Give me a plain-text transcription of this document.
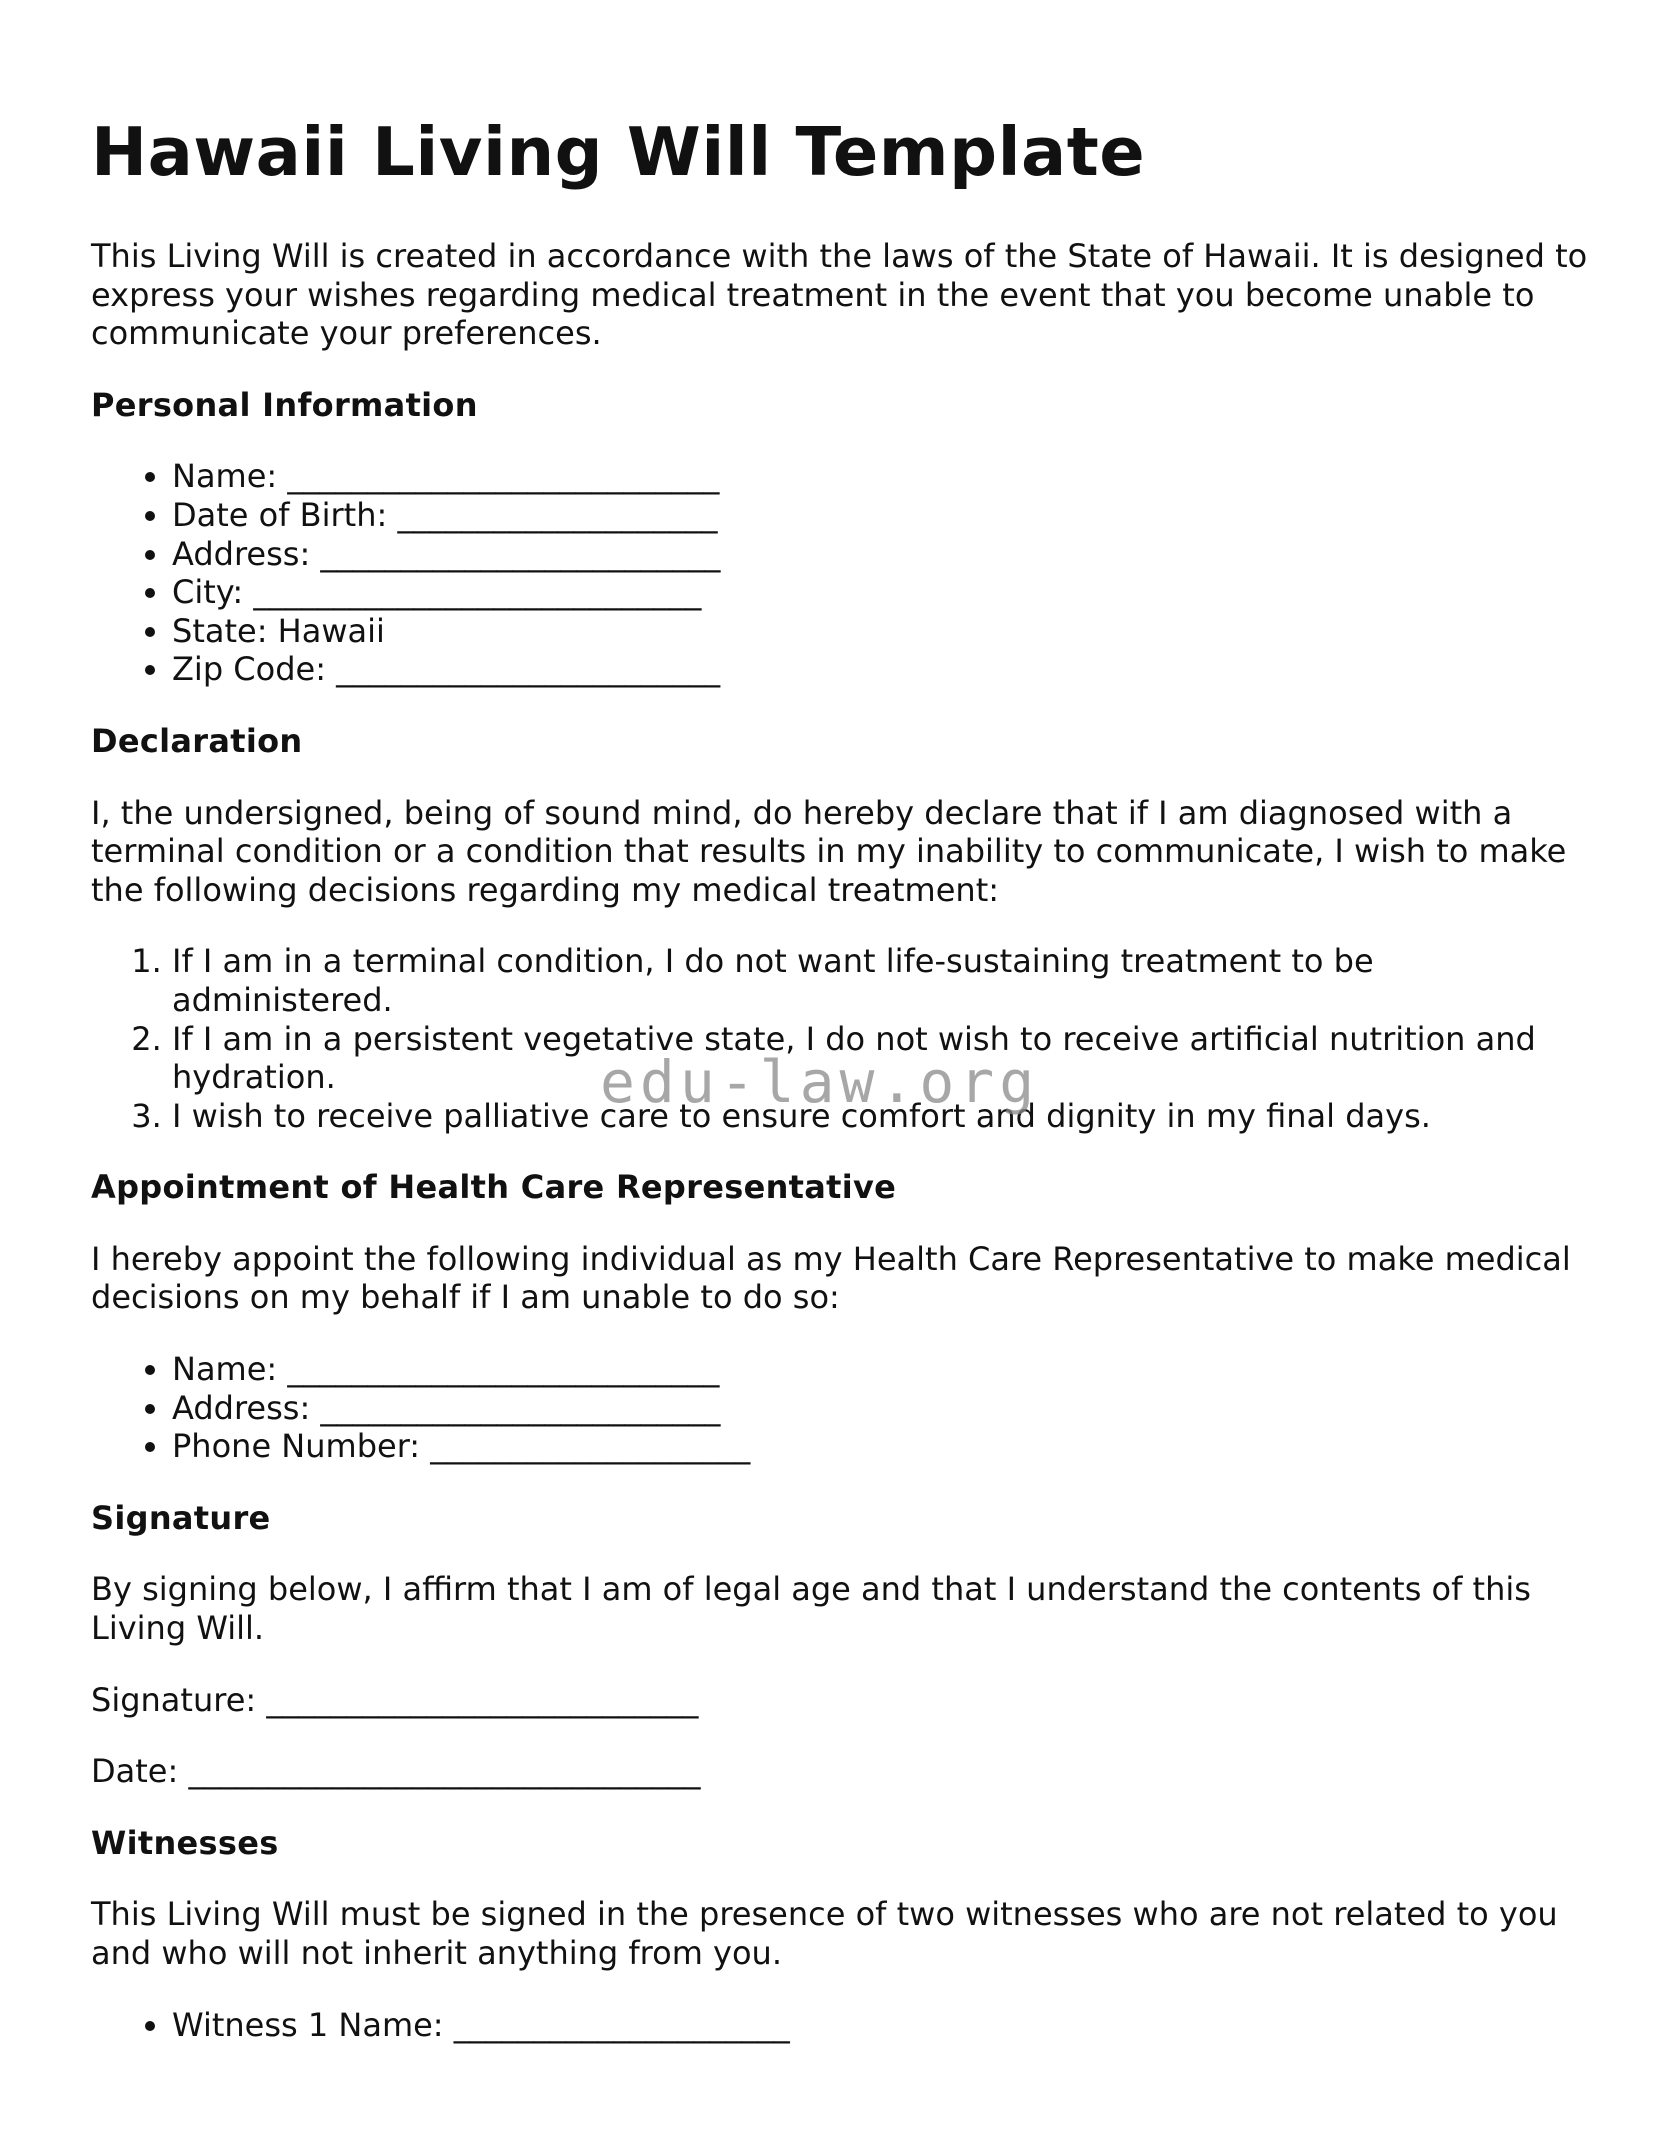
Hawaii Living Will Template

This Living Will is created in accordance with the laws of the State of Hawaii. It is designed to express your wishes regarding medical treatment in the event that you become unable to communicate your preferences.

Personal Information
• Name: ___________________________
• Date of Birth: ____________________
• Address: _________________________
• City: ____________________________
• State: Hawaii
• Zip Code: ________________________
Declaration

I, the undersigned, being of sound mind, do hereby declare that if I am diagnosed with a terminal condition or a condition that results in my inability to communicate, I wish to make the following decisions regarding my medical treatment:

1. If I am in a terminal condition, I do not want life-sustaining treatment to be administered.
2. If I am in a persistent vegetative state, I do not wish to receive artificial nutrition and hydration.
3. I wish to receive palliative care to ensure comfort and dignity in my final days.
Appointment of Health Care Representative

I hereby appoint the following individual as my Health Care Representative to make medical decisions on my behalf if I am unable to do so:

• Name: ___________________________
• Address: _________________________
• Phone Number: ____________________
Signature

By signing below, I affirm that I am of legal age and that I understand the contents of this Living Will.

Signature: ___________________________

Date: ________________________________

Witnesses

This Living Will must be signed in the presence of two witnesses who are not related to you and who will not inherit anything from you.

• Witness 1 Name: _____________________
edu-law.org
